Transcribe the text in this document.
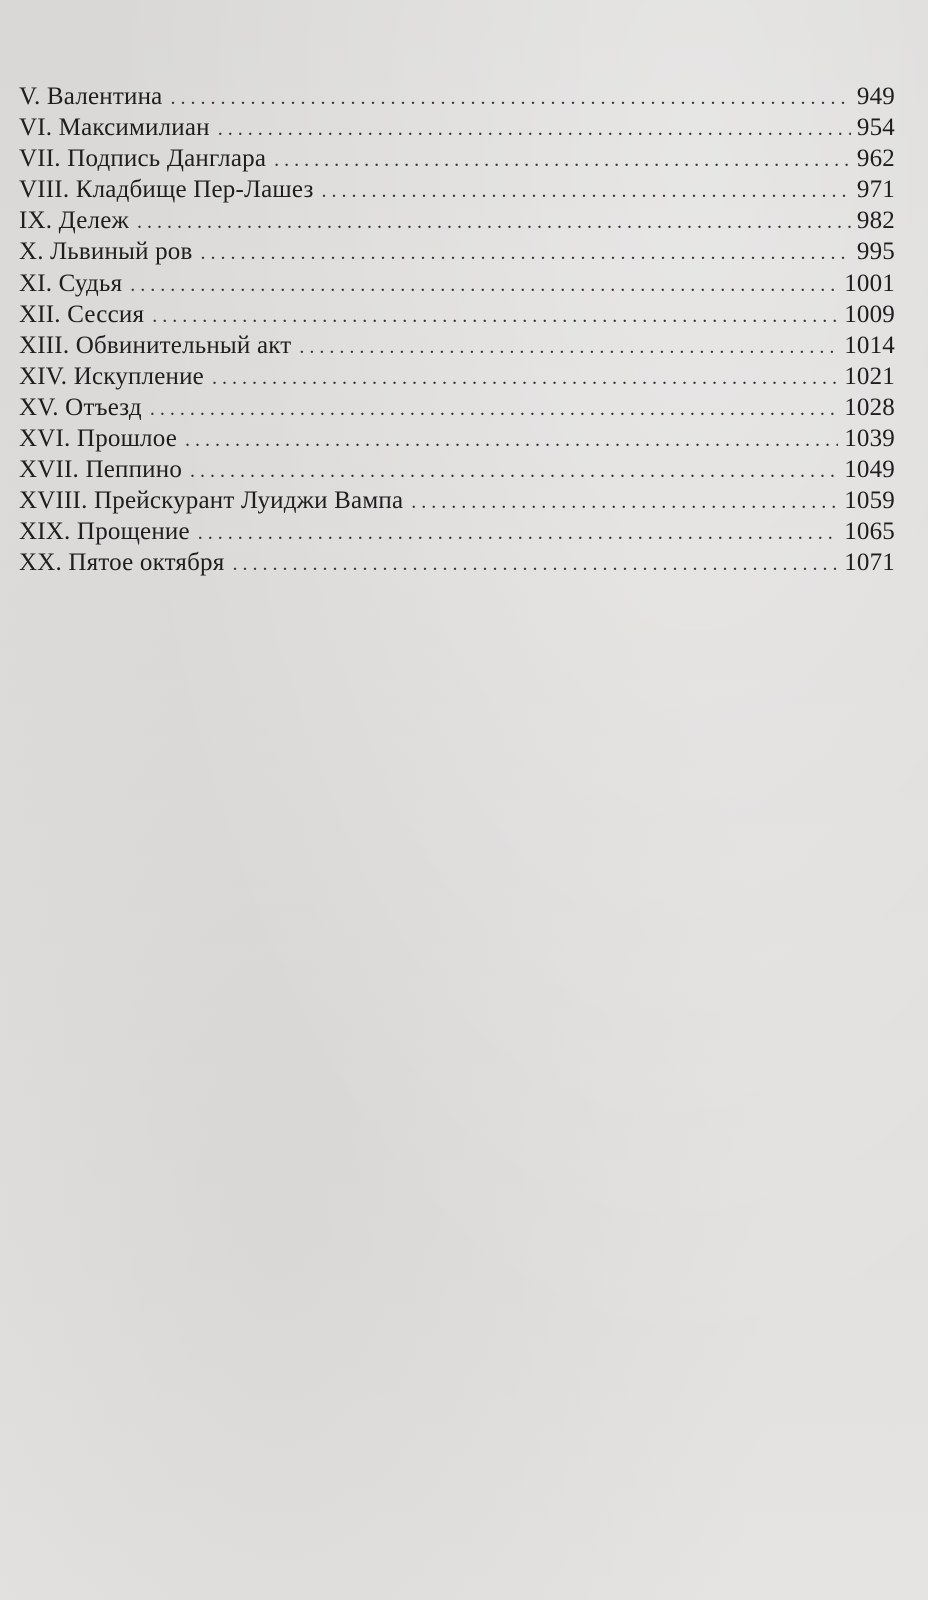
V. Валентина . . .	949
VI. Максимилиан . . .	954
VII. Подпись Данглара . . .	962
VIII. Кладбище Пер-Лашез . . .	971
IX. Дележ . . .	982
X. Львиный ров . . .	995
XI. Судья . . .	1001
XII. Сессия . . .	1009
XIII. Обвинительный акт . . .	1014
XIV. Искупление . . .	1021
XV. Отъезд . . .	1028
XVI. Прошлое . . .	1039
XVII. Пеппино . . .	1049
XVIII. Прейскурант Луиджи Вампа . . .	1059
XIX. Прощение . . .	1065
XX. Пятое октября . . .	1071
